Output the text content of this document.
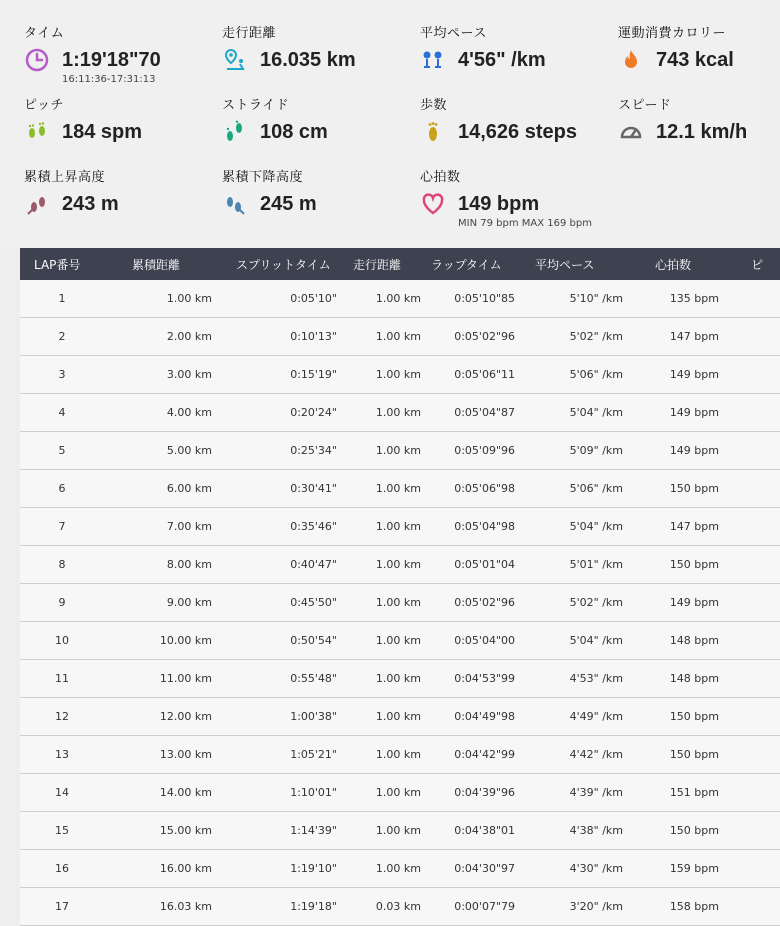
タイム
1:19'18"70
16:11:36-17:31:13
走行距離
16.035 km
平均ペース
4'56" /km
運動消費カロリー
743 kcal
ピッチ
184 spm
ストライド
108 cm
歩数
14,626 steps
スピード
12.1 km/h
累積上昇高度
243 m
累積下降高度
245 m
心拍数
149 bpm
MIN 79 bpm MAX 169 bpm
LAP番号	累積距離	スプリットタイム	走行距離	ラップタイム	平均ペース	心拍数	ピ
1	1.00 km	0:05'10"	1.00 km	0:05'10"85	5'10" /km	135 bpm	
2	2.00 km	0:10'13"	1.00 km	0:05'02"96	5'02" /km	147 bpm	
3	3.00 km	0:15'19"	1.00 km	0:05'06"11	5'06" /km	149 bpm	
4	4.00 km	0:20'24"	1.00 km	0:05'04"87	5'04" /km	149 bpm	
5	5.00 km	0:25'34"	1.00 km	0:05'09"96	5'09" /km	149 bpm	
6	6.00 km	0:30'41"	1.00 km	0:05'06"98	5'06" /km	150 bpm	
7	7.00 km	0:35'46"	1.00 km	0:05'04"98	5'04" /km	147 bpm	
8	8.00 km	0:40'47"	1.00 km	0:05'01"04	5'01" /km	150 bpm	
9	9.00 km	0:45'50"	1.00 km	0:05'02"96	5'02" /km	149 bpm	
10	10.00 km	0:50'54"	1.00 km	0:05'04"00	5'04" /km	148 bpm	
11	11.00 km	0:55'48"	1.00 km	0:04'53"99	4'53" /km	148 bpm	
12	12.00 km	1:00'38"	1.00 km	0:04'49"98	4'49" /km	150 bpm	
13	13.00 km	1:05'21"	1.00 km	0:04'42"99	4'42" /km	150 bpm	
14	14.00 km	1:10'01"	1.00 km	0:04'39"96	4'39" /km	151 bpm	
15	15.00 km	1:14'39"	1.00 km	0:04'38"01	4'38" /km	150 bpm	
16	16.00 km	1:19'10"	1.00 km	0:04'30"97	4'30" /km	159 bpm	
17	16.03 km	1:19'18"	0.03 km	0:00'07"79	3'20" /km	158 bpm	
